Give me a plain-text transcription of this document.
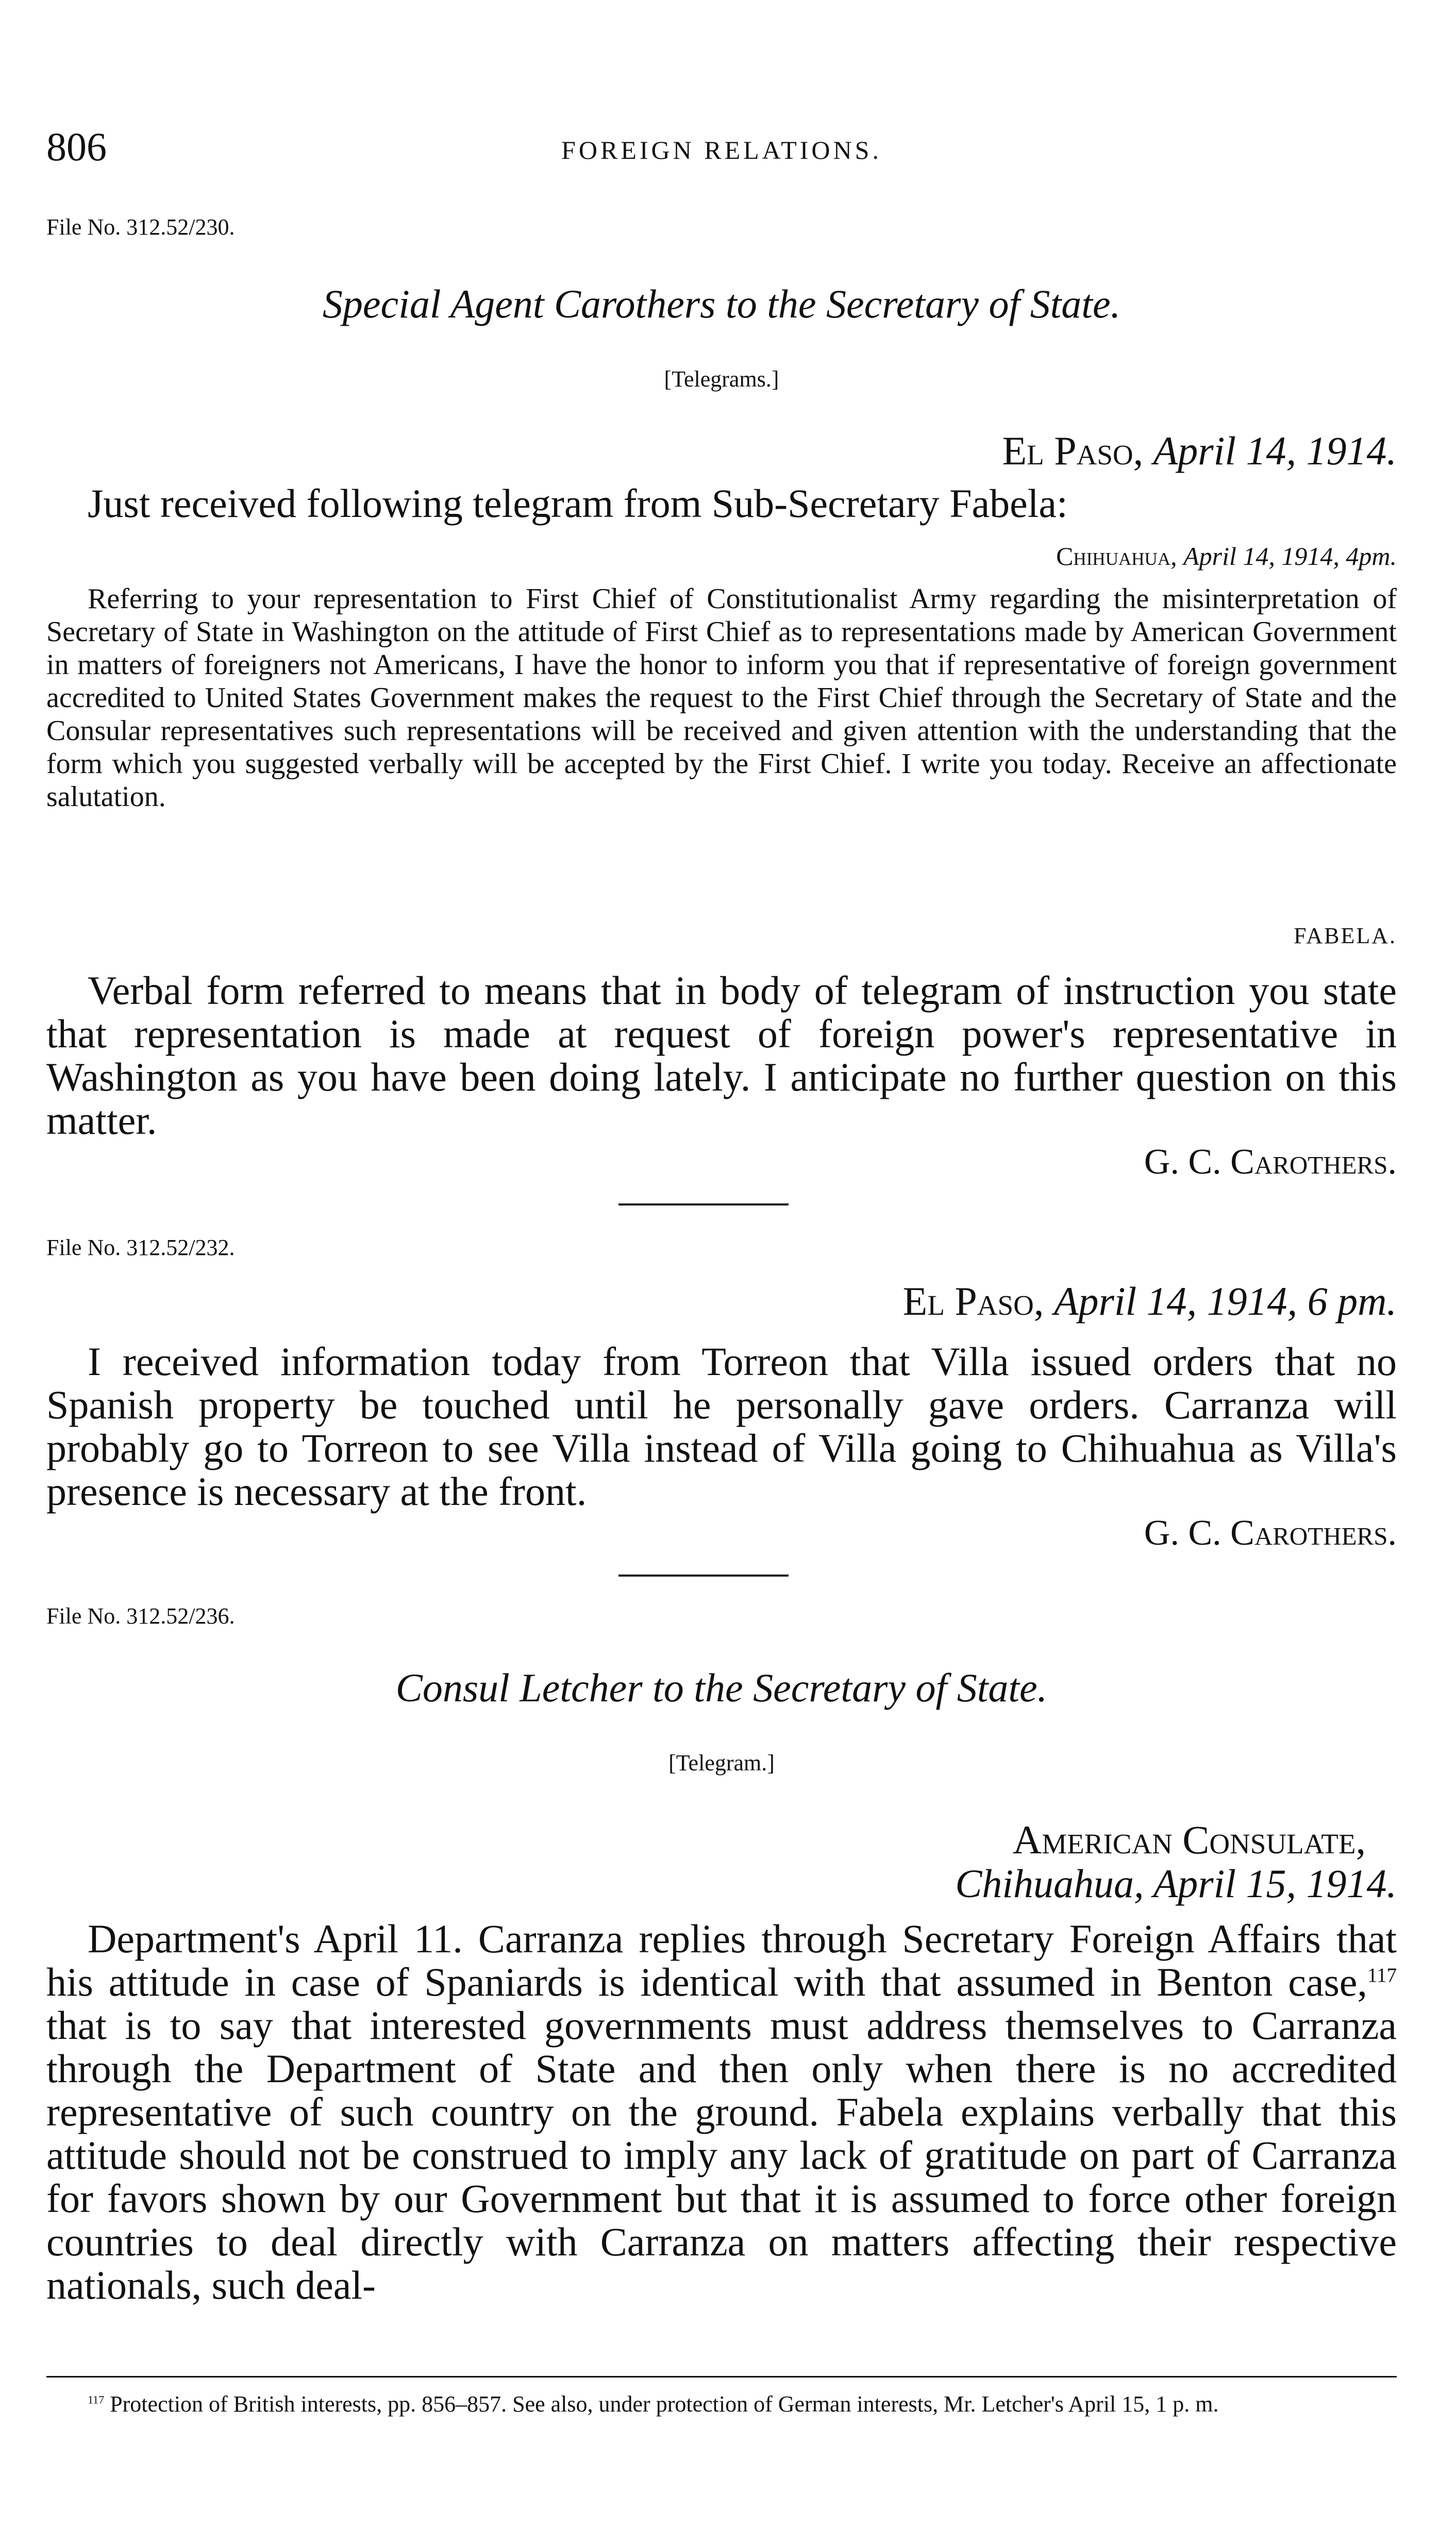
806	FOREIGN RELATIONS.
File No. 312.52/230.
Special Agent Carothers to the Secretary of State.
[Telegrams.]
El Paso, April 14, 1914.
Just received following telegram from Sub-Secretary Fabela:
Chihuahua, April 14, 1914, 4pm.
Referring to your representation to First Chief of Constitutionalist Army regarding the misinterpretation of Secretary of State in Washington on the attitude of First Chief as to representations made by American Government in matters of foreigners not Americans, I have the honor to inform you that if representative of foreign government accredited to United States Government makes the request to the First Chief through the Secretary of State and the Consular representatives such representations will be received and given attention with the understanding that the form which you suggested verbally will be accepted by the First Chief. I write you today. Receive an affectionate salutation.
FABELA.
Verbal form referred to means that in body of telegram of instruction you state that representation is made at request of foreign power's representative in Washington as you have been doing lately. I anticipate no further question on this matter.
G. C. Carothers.
File No. 312.52/232.
El Paso, April 14, 1914, 6 pm.
I received information today from Torreon that Villa issued orders that no Spanish property be touched until he personally gave orders. Carranza will probably go to Torreon to see Villa instead of Villa going to Chihuahua as Villa's presence is necessary at the front.
G. C. Carothers.
File No. 312.52/236.
Consul Letcher to the Secretary of State.
[Telegram.]
American Consulate,
Chihuahua, April 15, 1914.
Department's April 11. Carranza replies through Secretary Foreign Affairs that his attitude in case of Spaniards is identical with that assumed in Benton case,$^{117}$ that is to say that interested governments must address themselves to Carranza through the Department of State and then only when there is no accredited representative of such country on the ground. Fabela explains verbally that this attitude should not be construed to imply any lack of gratitude on part of Carranza for favors shown by our Government but that it is assumed to force other foreign countries to deal directly with Carranza on matters affecting their respective nationals, such deal-
$^{117}$ Protection of British interests, pp. 856–857. See also, under protection of German interests, Mr. Letcher's April 15, 1 p. m.
